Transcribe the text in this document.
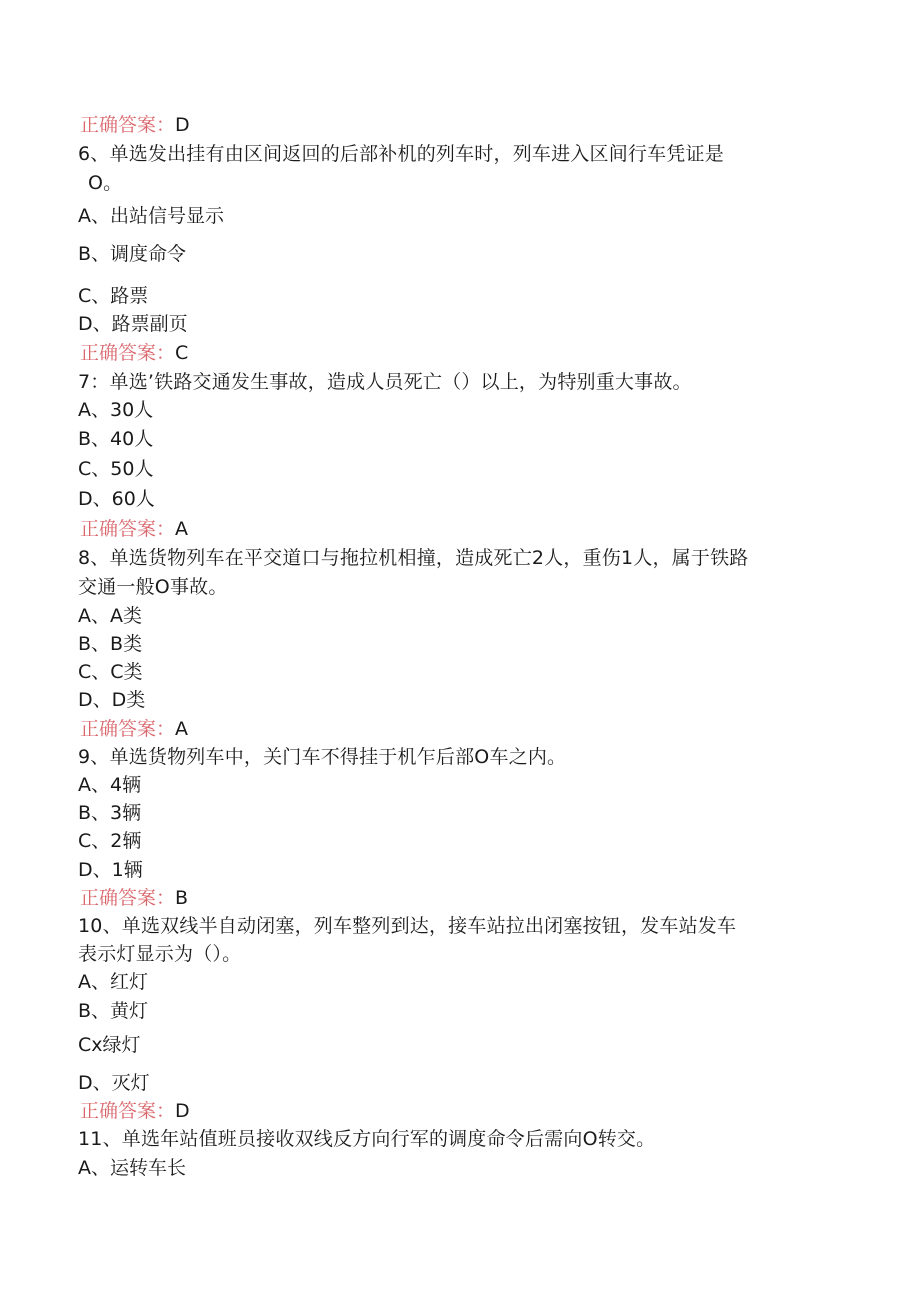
正确答案：D
6、单选发出挂有由区间返回的后部补机的列车时，列车进入区间行车凭证是
O。
A、出站信号显示
B、调度命令
C、路票
D、路票副页
正确答案：C
7：单选’铁路交通发生事故，造成人员死亡（）以上，为特别重大事故。
A、30人
B、40人
C、50人
D、60人
正确答案：A
8、单选货物列车在平交道口与拖拉机相撞，造成死亡2人，重伤1人，属于铁路
交通一般O事故。
A、A类
B、B类
C、C类
D、D类
正确答案：A
9、单选货物列车中，关门车不得挂于机乍后部O车之内。
A、4辆
B、3辆
C、2辆
D、1辆
正确答案：B
10、单选双线半自动闭塞，列车整列到达，接车站拉出闭塞按钮，发车站发车
表示灯显示为（）。
A、红灯
B、黄灯
Cx绿灯
D、灭灯
正确答案：D
11、单选年站值班员接收双线反方向行军的调度命令后需向O转交。
A、运转车长
